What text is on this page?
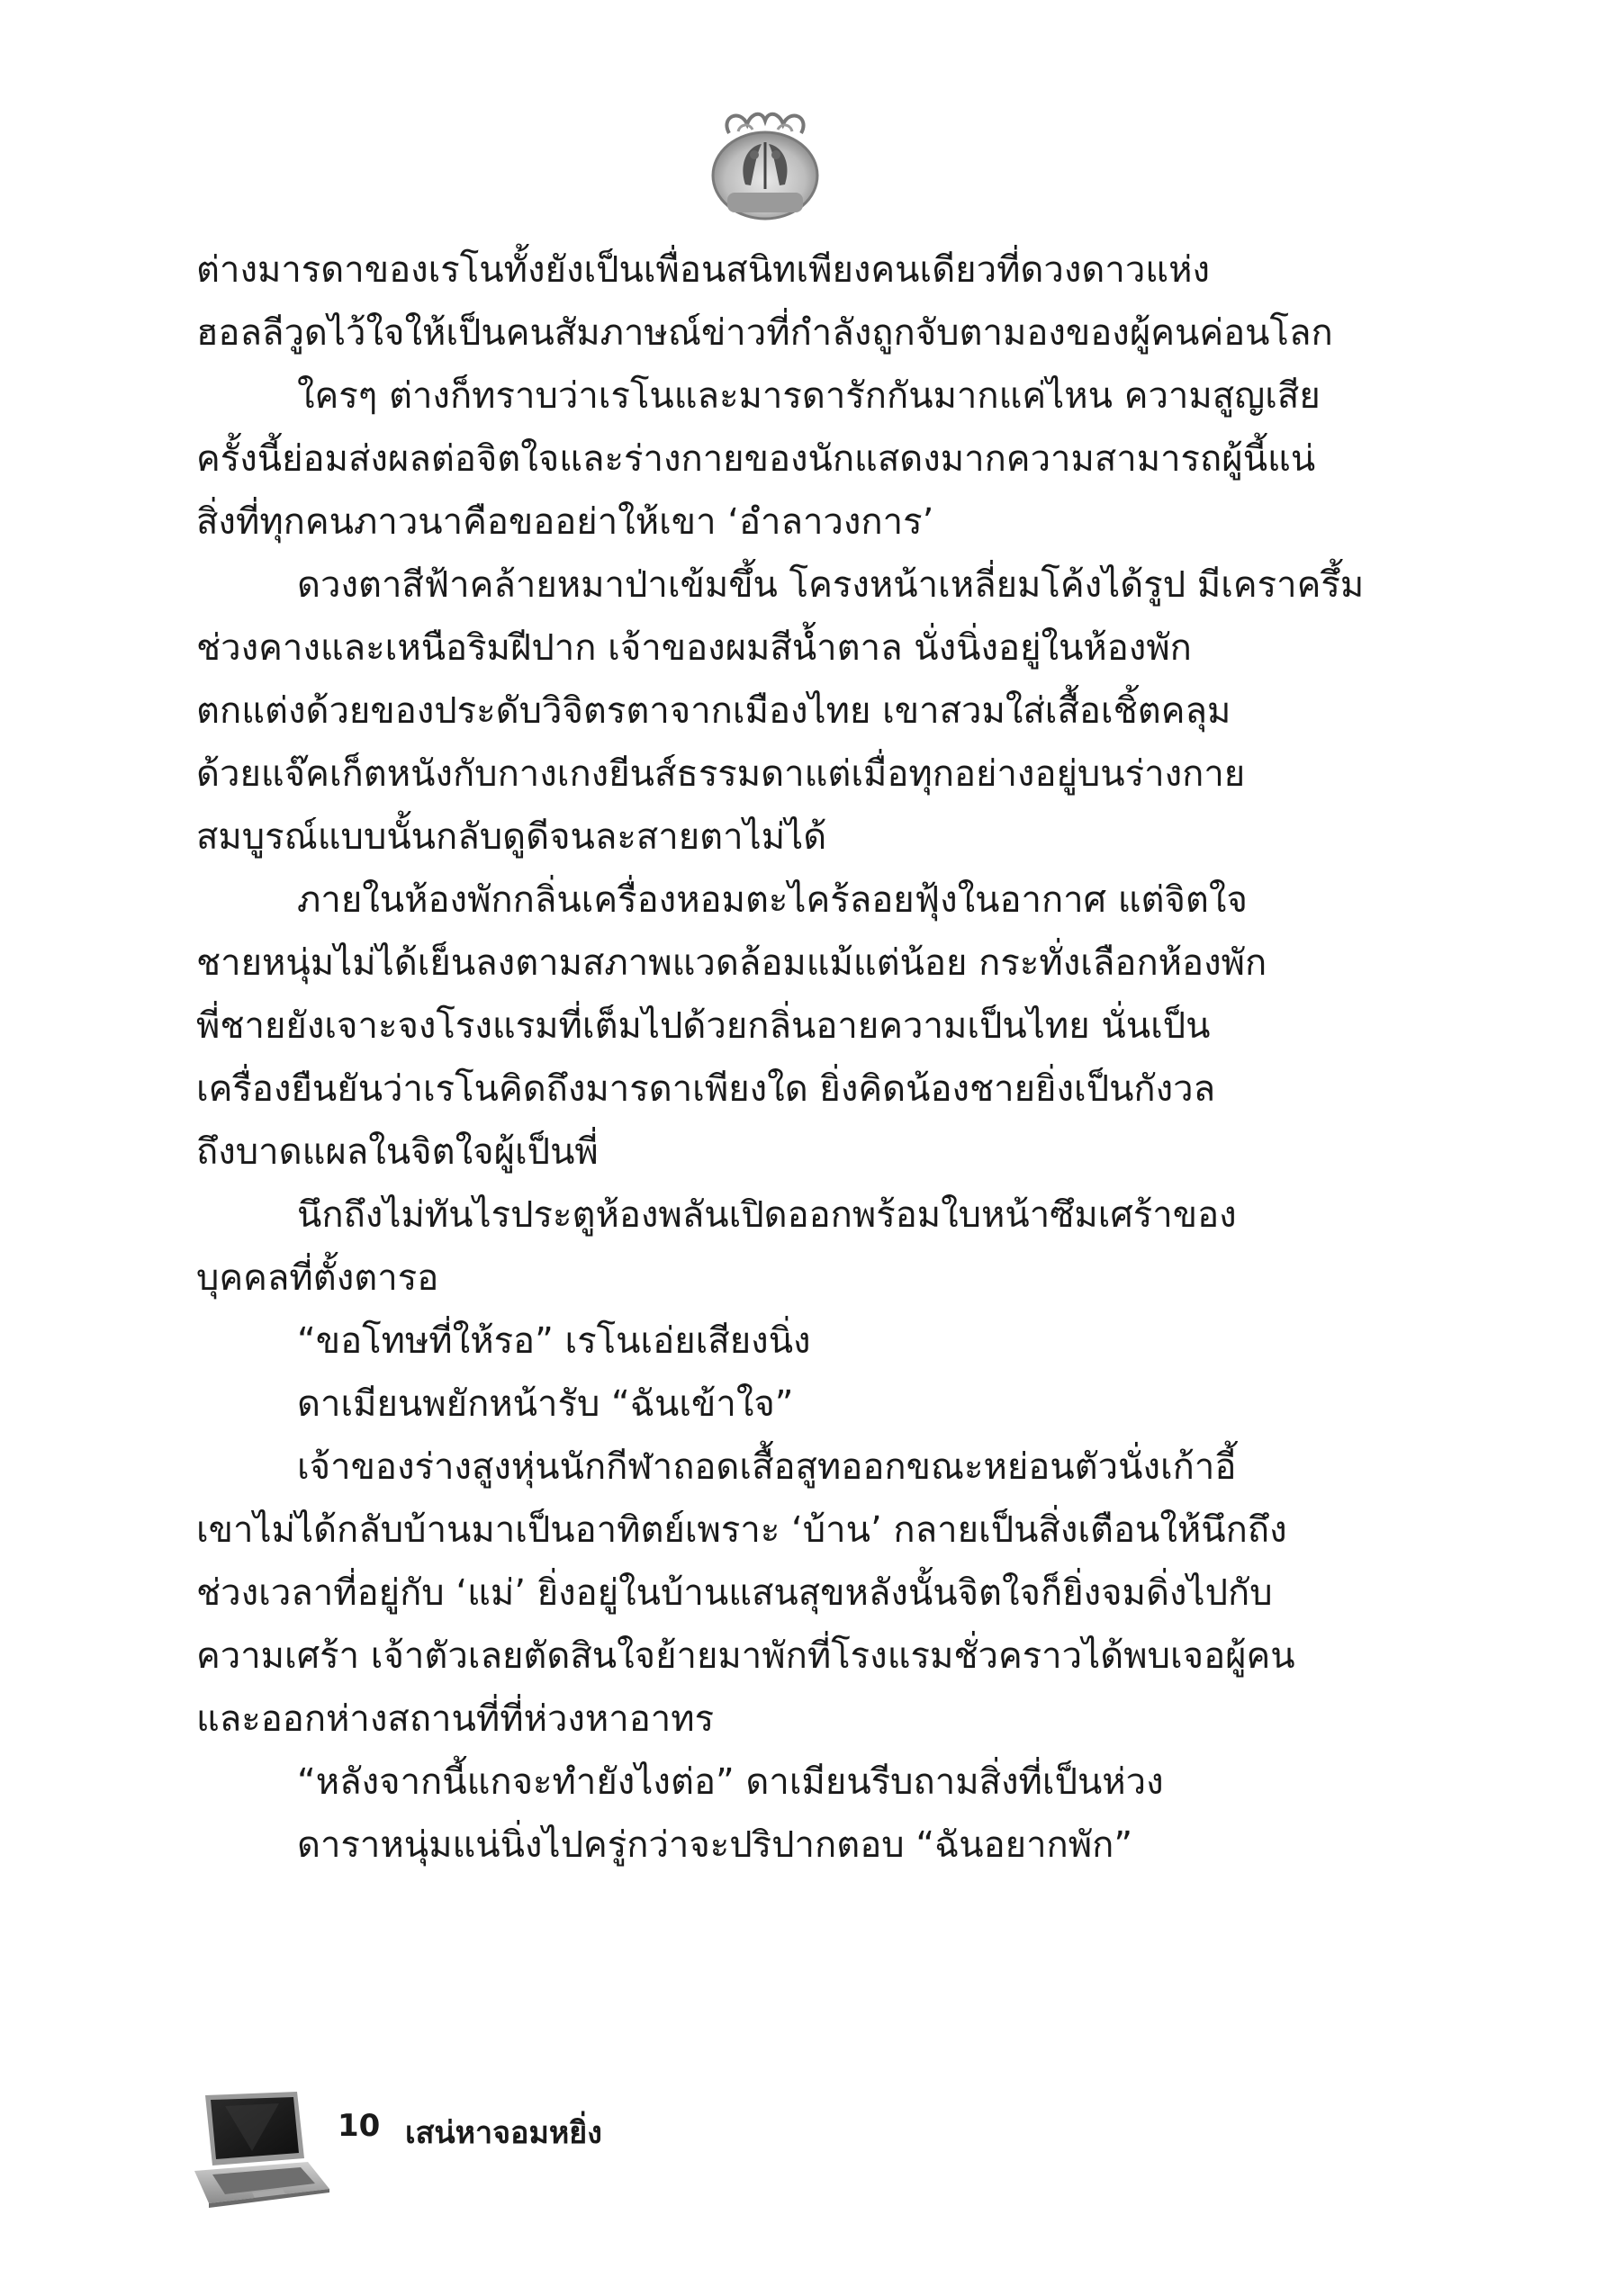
ต่างมารดาของเรโนทั้งยังเป็นเพื่อนสนิทเพียงคนเดียวที่ดวงดาวแห่ง
ฮอลลีวูดไว้ใจให้เป็นคนสัมภาษณ์ข่าวที่กำลังถูกจับตามองของผู้คนค่อนโลก
ใครๆ ต่างก็ทราบว่าเรโนและมารดารักกันมากแค่ไหน ความสูญเสีย
ครั้งนี้ย่อมส่งผลต่อจิตใจและร่างกายของนักแสดงมากความสามารถผู้นี้แน่
สิ่งที่ทุกคนภาวนาคือขออย่าให้เขา ‘อำลาวงการ’
ดวงตาสีฟ้าคล้ายหมาป่าเข้มขึ้น โครงหน้าเหลี่ยมโค้งได้รูป มีเคราครึ้ม
ช่วงคางและเหนือริมฝีปาก เจ้าของผมสีน้ำตาล นั่งนิ่งอยู่ในห้องพัก
ตกแต่งด้วยของประดับวิจิตรตาจากเมืองไทย เขาสวมใส่เสื้อเชิ้ตคลุม
ด้วยแจ๊คเก็ตหนังกับกางเกงยีนส์ธรรมดาแต่เมื่อทุกอย่างอยู่บนร่างกาย
สมบูรณ์แบบนั้นกลับดูดีจนละสายตาไม่ได้
ภายในห้องพักกลิ่นเครื่องหอมตะไคร้ลอยฟุ้งในอากาศ แต่จิตใจ
ชายหนุ่มไม่ได้เย็นลงตามสภาพแวดล้อมแม้แต่น้อย กระทั่งเลือกห้องพัก
พี่ชายยังเจาะจงโรงแรมที่เต็มไปด้วยกลิ่นอายความเป็นไทย นั่นเป็น
เครื่องยืนยันว่าเรโนคิดถึงมารดาเพียงใด ยิ่งคิดน้องชายยิ่งเป็นกังวล
ถึงบาดแผลในจิตใจผู้เป็นพี่
นึกถึงไม่ทันไรประตูห้องพลันเปิดออกพร้อมใบหน้าซึมเศร้าของ
บุคคลที่ตั้งตารอ
“ขอโทษที่ให้รอ” เรโนเอ่ยเสียงนิ่ง
ดาเมียนพยักหน้ารับ “ฉันเข้าใจ”
เจ้าของร่างสูงหุ่นนักกีฬาถอดเสื้อสูทออกขณะหย่อนตัวนั่งเก้าอี้
เขาไม่ได้กลับบ้านมาเป็นอาทิตย์เพราะ ‘บ้าน’ กลายเป็นสิ่งเตือนให้นึกถึง
ช่วงเวลาที่อยู่กับ ‘แม่’ ยิ่งอยู่ในบ้านแสนสุขหลังนั้นจิตใจก็ยิ่งจมดิ่งไปกับ
ความเศร้า เจ้าตัวเลยตัดสินใจย้ายมาพักที่โรงแรมชั่วคราวได้พบเจอผู้คน
และออกห่างสถานที่ที่ห่วงหาอาทร
“หลังจากนี้แกจะทำยังไงต่อ” ดาเมียนรีบถามสิ่งที่เป็นห่วง
ดาราหนุ่มแน่นิ่งไปครู่กว่าจะปริปากตอบ “ฉันอยากพัก”
10 เสน่หาจอมหยิ่ง
